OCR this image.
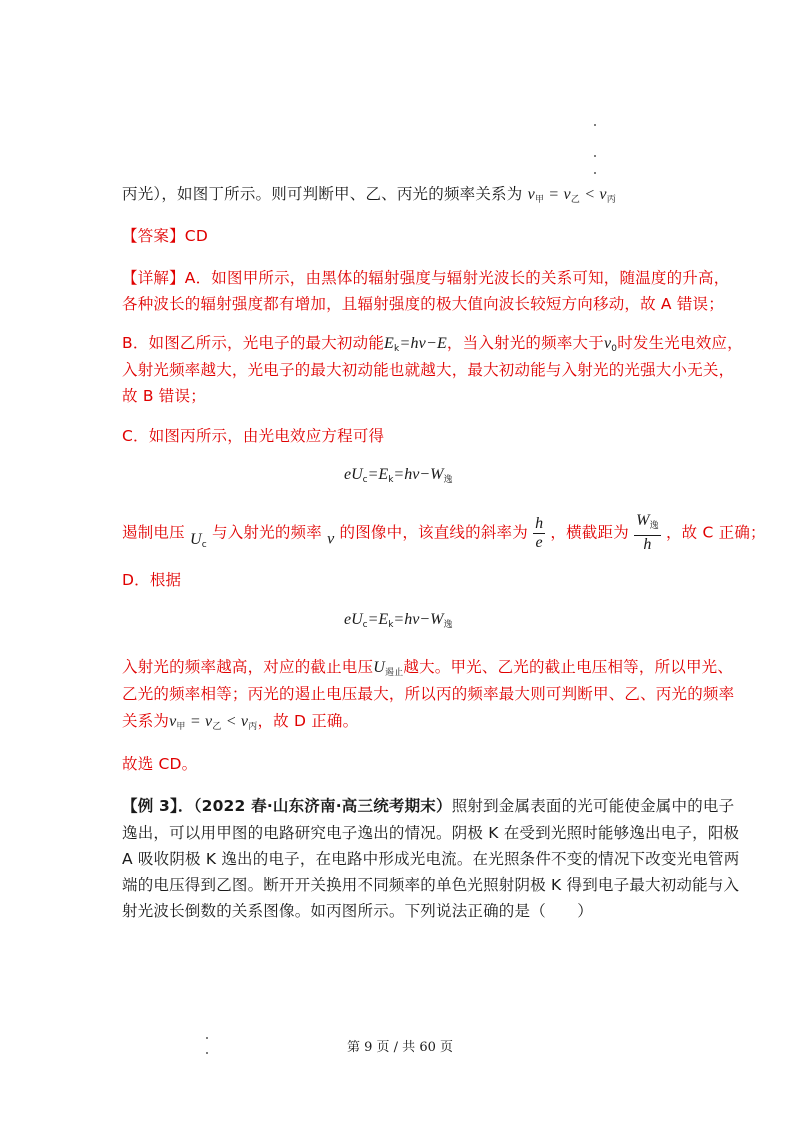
丙光），如图丁所示。则可判断甲、乙、丙光的频率关系为 $\nu_甲 = \nu_乙 < \nu_丙$
【答案】CD
【详解】A．如图甲所示，由黑体的辐射强度与辐射光波长的关系可知，随温度的升高，
各种波长的辐射强度都有增加，且辐射强度的极大值向波长较短方向移动，故 A 错误；
B．如图乙所示，光电子的最大初动能$E_k=h\nu-E$，当入射光的频率大于$\nu_0$时发生光电效应，
入射光频率越大，光电子的最大初动能也就越大，最大初动能与入射光的光强大小无关，
故 B 错误；
C．如图丙所示，由光电效应方程可得
$eU_c=E_k=h\nu-W_逸$
遏制电压 $U_c$ 与入射光的频率 ν 的图像中，该直线的斜率为 $\frac{h}{e}$ ，横截距为 $\frac{W_逸}{h}$ ，故 C 正确；
D．根据
$eU_c=E_k=h\nu-W_逸$
入射光的频率越高，对应的截止电压$U_{遏止}$越大。甲光、乙光的截止电压相等，所以甲光、
乙光的频率相等；丙光的遏止电压最大，所以丙的频率最大则可判断甲、乙、丙光的频率
关系为$\nu_甲 = \nu_乙 < \nu_丙$，故 D 正确。
故选 CD。
【例 3】．（2022 春·山东济南·高三统考期末）照射到金属表面的光可能使金属中的电子
逸出，可以用甲图的电路研究电子逸出的情况。阴极 K 在受到光照时能够逸出电子，阳极
A 吸收阴极 K 逸出的电子，在电路中形成光电流。在光照条件不变的情况下改变光电管两
端的电压得到乙图。断开开关换用不同频率的单色光照射阴极 K 得到电子最大初动能与入
射光波长倒数的关系图像。如丙图所示。下列说法正确的是（　　）
第 9 页 / 共 60 页
